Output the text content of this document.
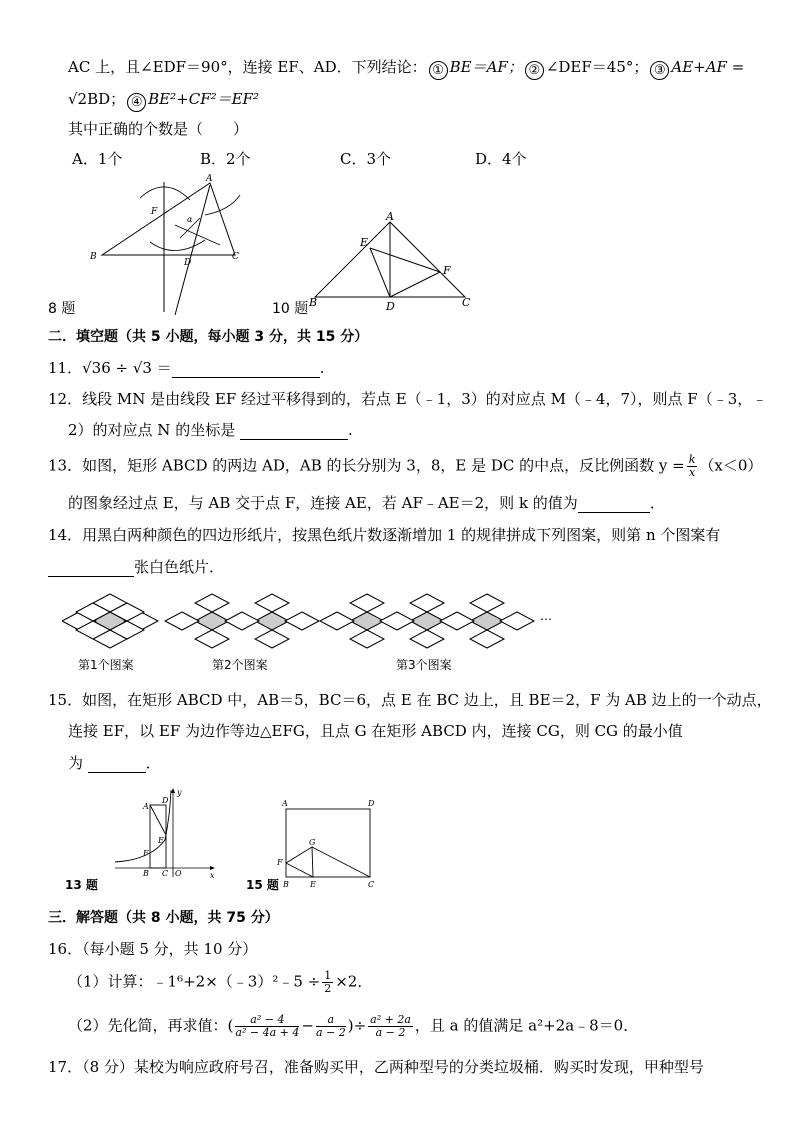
AC 上，且∠EDF＝90°，连接 EF、AD．下列结论： ① BE＝AF； ② ∠DEF＝45°； ③ AE+AF =
√2BD； ④ BE²+CF²＝EF²
其中正确的个数是（　　）
A．1个	B．2个	C．3个	D．4个
A
B	C
D
F
α
8 题
A
B	C
D
E
F
10 题
二．填空题（共 5 小题，每小题 3 分，共 15 分）
11．√36 ÷ √3 ＝	.
12．线段 MN 是由线段 EF 经过平移得到的，若点 E（﹣1，3）的对应点 M（﹣4，7），则点 F（﹣3，﹣
2）的对应点 N 的坐标是	.
13．如图，矩形 ABCD 的两边 AD，AB 的长分别为 3，8，E 是 DC 的中点，反比例函数 $y = \frac{k}{x} (x<0)$
的图象经过点 E，与 AB 交于点 F，连接 AE，若 AF﹣AE＝2，则 k 的值为	．
14．用黑白两种颜色的四边形纸片，按黑色纸片数逐渐增加 1 的规律拼成下列图案，则第 n 个图案有
张白色纸片．
…
第1个图案	第2个图案	第3个图案
15．如图，在矩形 ABCD 中，AB＝5，BC＝6，点 E 在 BC 边上，且 BE＝2，F 为 AB 边上的一个动点，
连接 EF，以 EF 为边作等边△EFG，且点 G 在矩形 ABCD 内，连接 CG，则 CG 的最小值
为	．
A
B C
D
E
F
O	x
y
13 题
A
B	C
D
E
F
G
15 题
三．解答题（共 8 小题，共 75 分）
16．（每小题 5 分，共 10 分）
（1）计算：﹣1⁶+2×（﹣3）²﹣5 ÷ $\frac{1}{2} \times 2$．
（2）先化简，再求值：( $\frac{\text{a² − 4}}{\text{a² − 4a + 4}} - \frac{a}{a - 2}$ )÷ $\frac{\text{a² + 2a}}{a - 2}$ ，且 a 的值满足 a²+2a﹣8＝0．
17．（8 分）某校为响应政府号召，准备购买甲，乙两种型号的分类垃圾桶．购买时发现，甲种型号
